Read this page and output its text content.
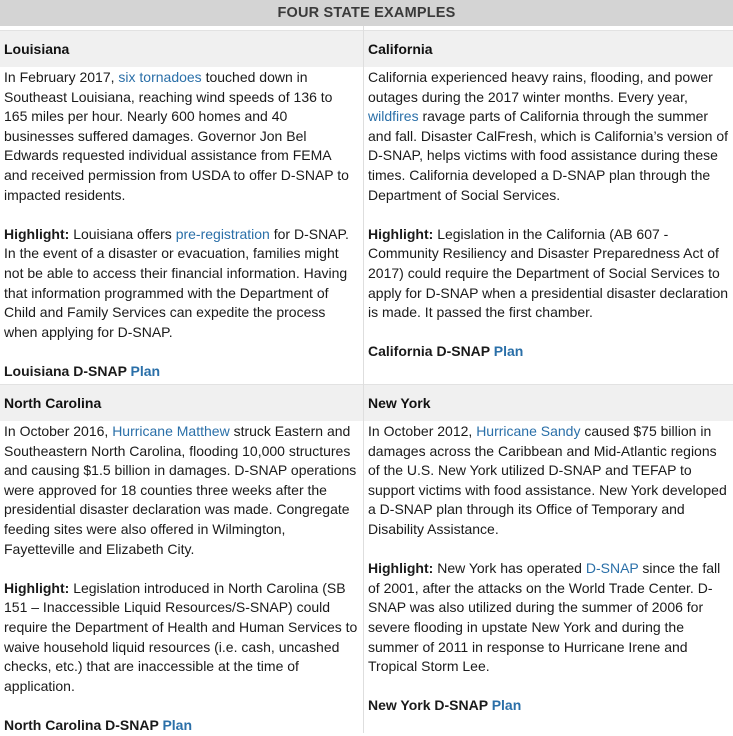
FOUR STATE EXAMPLES
Louisiana	California

In February 2017, six tornadoes touched down in Southeast Louisiana, reaching wind speeds of 136 to 165 miles per hour. Nearly 600 homes and 40 businesses suffered damages. Governor Jon Bel Edwards requested individual assistance from FEMA and received permission from USDA to offer D-SNAP to impacted residents.

Highlight: Louisiana offers pre-registration for D-SNAP. In the event of a disaster or evacuation, families might not be able to access their financial information. Having that information programmed with the Department of Child and Family Services can expedite the process when applying for D-SNAP.

Louisiana D-SNAP Plan

California experienced heavy rains, flooding, and power outages during the 2017 winter months. Every year, wildfires ravage parts of California through the summer and fall. Disaster CalFresh, which is California’s version of D-SNAP, helps victims with food assistance during these times. California developed a D-SNAP plan through the Department of Social Services.

Highlight: Legislation in the California (AB 607 - Community Resiliency and Disaster Preparedness Act of 2017) could require the Department of Social Services to apply for D-SNAP when a presidential disaster declaration is made. It passed the first chamber.

California D-SNAP Plan

North Carolina	New York

In October 2016, Hurricane Matthew struck Eastern and Southeastern North Carolina, flooding 10,000 structures and causing $1.5 billion in damages. D-SNAP operations were approved for 18 counties three weeks after the presidential disaster declaration was made. Congregate feeding sites were also offered in Wilmington, Fayetteville and Elizabeth City.

Highlight: Legislation introduced in North Carolina (SB 151 – Inaccessible Liquid Resources/S-SNAP) could require the Department of Health and Human Services to waive household liquid resources (i.e. cash, uncashed checks, etc.) that are inaccessible at the time of application.

North Carolina D-SNAP Plan

In October 2012, Hurricane Sandy caused $75 billion in damages across the Caribbean and Mid-Atlantic regions of the U.S. New York utilized D-SNAP and TEFAP to support victims with food assistance. New York developed a D-SNAP plan through its Office of Temporary and Disability Assistance.

Highlight: New York has operated D-SNAP since the fall of 2001, after the attacks on the World Trade Center. D-SNAP was also utilized during the summer of 2006 for severe flooding in upstate New York and during the summer of 2011 in response to Hurricane Irene and Tropical Storm Lee.

New York D-SNAP Plan
